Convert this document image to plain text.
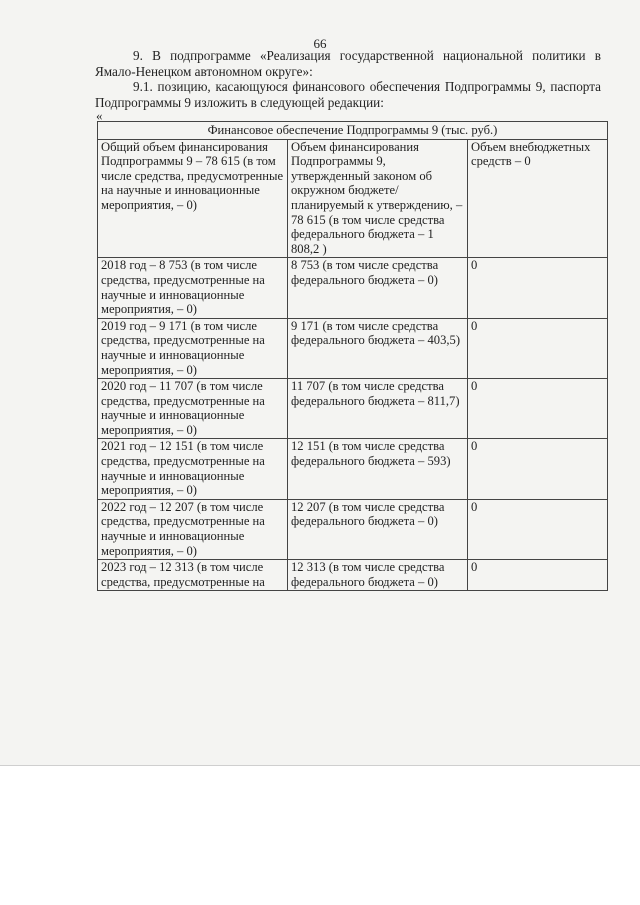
66

9. В подпрограмме «Реализация государственной национальной политики в Ямало-Ненецком автономном округе»:

9.1. позицию, касающуюся финансового обеспечения Подпрограммы 9, паспорта Подпрограммы 9 изложить в следующей редакции:

«
Финансовое обеспечение Подпрограммы 9 (тыс. руб.)		
Общий объем финансирования Подпрограммы 9 – 78 615 (в том числе средства, предусмотренные на научные и инновационные мероприятия, – 0)	Объем финансирования Подпрограммы 9, утвержденный законом об окружном бюджете/планируемый к утверждению, – 78 615 (в том числе средства федерального бюджета – 1 808,2 )	Объем внебюджетных средств – 0
2018 год – 8 753 (в том числе средства, предусмотренные на научные и инновационные мероприятия, – 0)	8 753 (в том числе средства федерального бюджета – 0)	0
2019 год – 9 171 (в том числе средства, предусмотренные на научные и инновационные мероприятия, – 0)	9 171 (в том числе средства федерального бюджета – 403,5)	0
2020 год – 11 707 (в том числе средства, предусмотренные на научные и инновационные мероприятия, – 0)	11 707 (в том числе средства федерального бюджета – 811,7)	0
2021 год – 12 151 (в том числе средства, предусмотренные на научные и инновационные мероприятия, – 0)	12 151 (в том числе средства федерального бюджета – 593)	0
2022 год – 12 207 (в том числе средства, предусмотренные на научные и инновационные мероприятия, – 0)	12 207 (в том числе средства федерального бюджета – 0)	0
2023 год – 12 313 (в том числе средства, предусмотренные на	12 313 (в том числе средства федерального бюджета – 0)	0
